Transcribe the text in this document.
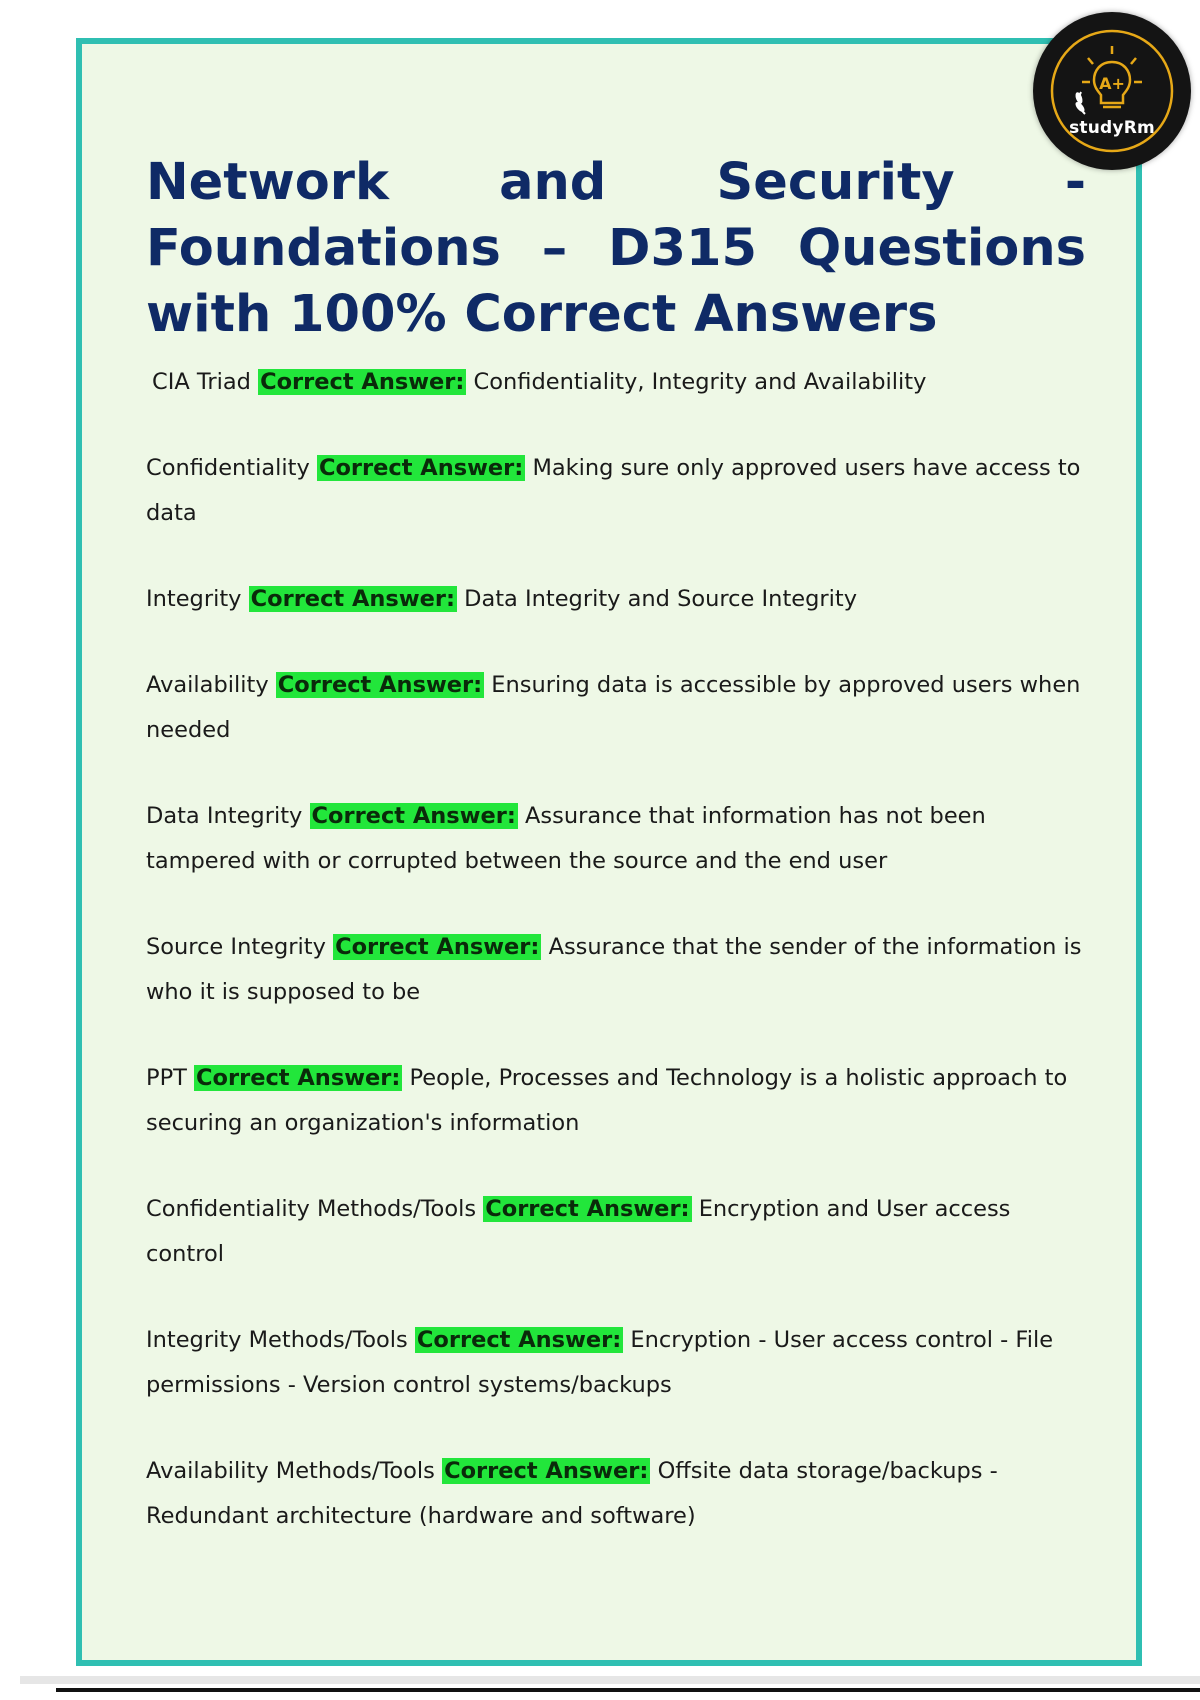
A+
studyRm
Network and Security - Foundations – D315 Questions with 100% Correct Answers

CIA Triad Correct Answer: Confidentiality, Integrity and Availability

Confidentiality Correct Answer: Making sure only approved users have access to data

Integrity Correct Answer: Data Integrity and Source Integrity

Availability Correct Answer: Ensuring data is accessible by approved users when needed

Data Integrity Correct Answer: Assurance that information has not been tampered with or corrupted between the source and the end user

Source Integrity Correct Answer: Assurance that the sender of the information is who it is supposed to be

PPT Correct Answer: People, Processes and Technology is a holistic approach to securing an organization's information

Confidentiality Methods/Tools Correct Answer: Encryption and User access control

Integrity Methods/Tools Correct Answer: Encryption - User access control - File permissions - Version control systems/backups

Availability Methods/Tools Correct Answer: Offsite data storage/backups - Redundant architecture (hardware and software)
